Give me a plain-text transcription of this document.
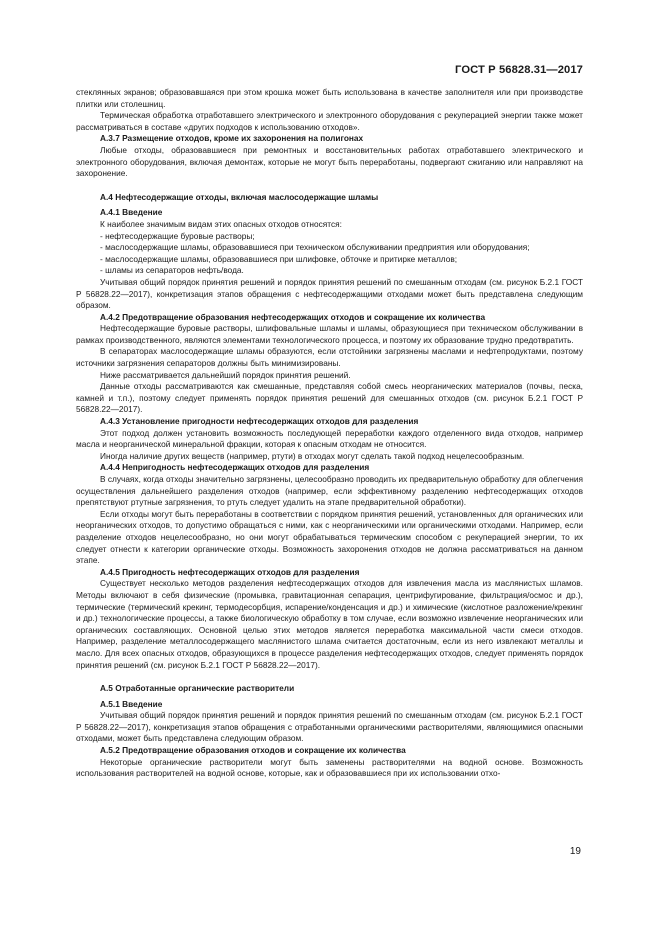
ГОСТ Р 56828.31—2017

стеклянных экранов; образовавшаяся при этом крошка может быть использована в качестве заполнителя или при производстве плитки или столешниц.

Термическая обработка отработавшего электрического и электронного оборудования с рекуперацией энергии также может рассматриваться в составе «других подходов к использованию отходов».

А.3.7 Размещение отходов, кроме их захоронения на полигонах

Любые отходы, образовавшиеся при ремонтных и восстановительных работах отработавшего электрического и электронного оборудования, включая демонтаж, которые не могут быть переработаны, подвергают сжиганию или направляют на захоронение.

А.4 Нефтесодержащие отходы, включая маслосодержащие шламы

А.4.1 Введение

К наиболее значимым видам этих опасных отходов относятся:

- нефтесодержащие буровые растворы;

- маслосодержащие шламы, образовавшиеся при техническом обслуживании предприятия или оборудования;

- маслосодержащие шламы, образовавшиеся при шлифовке, обточке и притирке металлов;

- шламы из сепараторов нефть/вода.

Учитывая общий порядок принятия решений и порядок принятия решений по смешанным отходам (см. рисунок Б.2.1 ГОСТ Р 56828.22—2017), конкретизация этапов обращения с нефтесодержащими отходами может быть представлена следующим образом.

А.4.2 Предотвращение образования нефтесодержащих отходов и сокращение их количества

Нефтесодержащие буровые растворы, шлифовальные шламы и шламы, образующиеся при техническом обслуживании в рамках производственного, являются элементами технологического процесса, и поэтому их образование трудно предотвратить.

В сепараторах маслосодержащие шламы образуются, если отстойники загрязнены маслами и нефтепродуктами, поэтому источники загрязнения сепараторов должны быть минимизированы.

Ниже рассматривается дальнейший порядок принятия решений.

Данные отходы рассматриваются как смешанные, представляя собой смесь неорганических материалов (почвы, песка, камней и т.п.), поэтому следует применять порядок принятия решений для смешанных отходов (см. рисунок Б.2.1 ГОСТ Р 56828.22—2017).

А.4.3 Установление пригодности нефтесодержащих отходов для разделения

Этот подход должен установить возможность последующей переработки каждого отделенного вида отходов, например масла и неорганической минеральной фракции, которая к опасным отходам не относится.

Иногда наличие других веществ (например, ртути) в отходах могут сделать такой подход нецелесообразным.

А.4.4 Непригодность нефтесодержащих отходов для разделения

В случаях, когда отходы значительно загрязнены, целесообразно проводить их предварительную обработку для облегчения осуществления дальнейшего разделения отходов (например, если эффективному разделению нефтесодержащих отходов препятствуют ртутные загрязнения, то ртуть следует удалить на этапе предварительной обработки).

Если отходы могут быть переработаны в соответствии с порядком принятия решений, установленных для органических или неорганических отходов, то допустимо обращаться с ними, как с неорганическими или органическими отходами. Например, если разделение отходов нецелесообразно, но они могут обрабатываться термическим способом с рекуперацией энергии, то их следует отнести к категории органические отходы. Возможность захоронения отходов не должна рассматриваться на данном этапе.

А.4.5 Пригодность нефтесодержащих отходов для разделения

Существует несколько методов разделения нефтесодержащих отходов для извлечения масла из маслянистых шламов. Методы включают в себя физические (промывка, гравитационная сепарация, центрифугирование, фильтрация/осмос и др.), термические (термический крекинг, термодесорбция, испарение/конденсация и др.) и химические (кислотное разложение/крекинг и др.) технологические процессы, а также биологическую обработку в том случае, если возможно извлечение неорганических или органических составляющих. Основной целью этих методов является переработка максимальной части смеси отходов. Например, разделение металлосодержащего маслянистого шлама считается достаточным, если из него извлекают металлы и масло. Для всех опасных отходов, образующихся в процессе разделения нефтесодержащих отходов, следует применять порядок принятия решений (см. рисунок Б.2.1 ГОСТ Р 56828.22—2017).

А.5 Отработанные органические растворители

А.5.1 Введение

Учитывая общий порядок принятия решений и порядок принятия решений по смешанным отходам (см. рисунок Б.2.1 ГОСТ Р 56828.22—2017), конкретизация этапов обращения с отработанными органическими растворителями, являющимися опасными отходами, может быть представлена следующим образом.

А.5.2 Предотвращение образования отходов и сокращение их количества

Некоторые органические растворители могут быть заменены растворителями на водной основе. Возможность использования растворителей на водной основе, которые, как и образовавшиеся при их использовании отхо-

19
